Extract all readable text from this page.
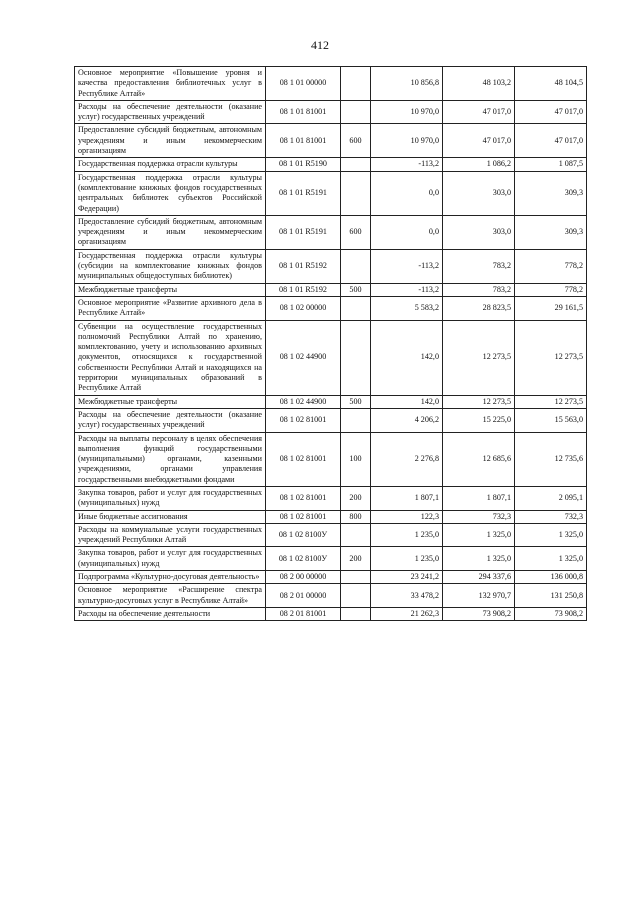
412
Основное мероприятие «Повышение уровня и качества предоставления библиотечных услуг в Республике Алтай»	08 1 01 00000		10 856,8	48 103,2	48 104,5
Расходы на обеспечение деятельности (оказание услуг) государственных учреждений	08 1 01 81001		10 970,0	47 017,0	47 017,0
Предоставление субсидий бюджетным, автономным учреждениям и иным некоммерческим организациям	08 1 01 81001	600	10 970,0	47 017,0	47 017,0
Государственная поддержка отрасли культуры	08 1 01 R5190		-113,2	1 086,2	1 087,5
Государственная поддержка отрасли культуры (комплектование книжных фондов государственных центральных библиотек субъектов Российской Федерации)	08 1 01 R5191		0,0	303,0	309,3
Предоставление субсидий бюджетным, автономным учреждениям и иным некоммерческим организациям	08 1 01 R5191	600	0,0	303,0	309,3
Государственная поддержка отрасли культуры (субсидии на комплектование книжных фондов муниципальных общедоступных библиотек)	08 1 01 R5192		-113,2	783,2	778,2
Межбюджетные трансферты	08 1 01 R5192	500	-113,2	783,2	778,2
Основное мероприятие «Развитие архивного дела в Республике Алтай»	08 1 02 00000		5 583,2	28 823,5	29 161,5
Субвенции на осуществление государственных полномочий Республики Алтай по хранению, комплектованию, учету и использованию архивных документов, относящихся к государственной собственности Республики Алтай и находящихся на территории муниципальных образований в Республике Алтай	08 1 02 44900		142,0	12 273,5	12 273,5
Межбюджетные трансферты	08 1 02 44900	500	142,0	12 273,5	12 273,5
Расходы на обеспечение деятельности (оказание услуг) государственных учреждений	08 1 02 81001		4 206,2	15 225,0	15 563,0
Расходы на выплаты персоналу в целях обеспечения выполнения функций государственными (муниципальными) органами, казенными учреждениями, органами управления государственными внебюджетными фондами	08 1 02 81001	100	2 276,8	12 685,6	12 735,6
Закупка товаров, работ и услуг для государственных (муниципальных) нужд	08 1 02 81001	200	1 807,1	1 807,1	2 095,1
Иные бюджетные ассигнования	08 1 02 81001	800	122,3	732,3	732,3
Расходы на коммунальные услуги государственных учреждений Республики Алтай	08 1 02 8100У		1 235,0	1 325,0	1 325,0
Закупка товаров, работ и услуг для государственных (муниципальных) нужд	08 1 02 8100У	200	1 235,0	1 325,0	1 325,0
Подпрограмма «Культурно-досуговая деятельность»	08 2 00 00000		23 241,2	294 337,6	136 000,8
Основное мероприятие «Расширение спектра культурно-досуговых услуг в Республике Алтай»	08 2 01 00000		33 478,2	132 970,7	131 250,8
Расходы на обеспечение деятельности	08 2 01 81001		21 262,3	73 908,2	73 908,2
